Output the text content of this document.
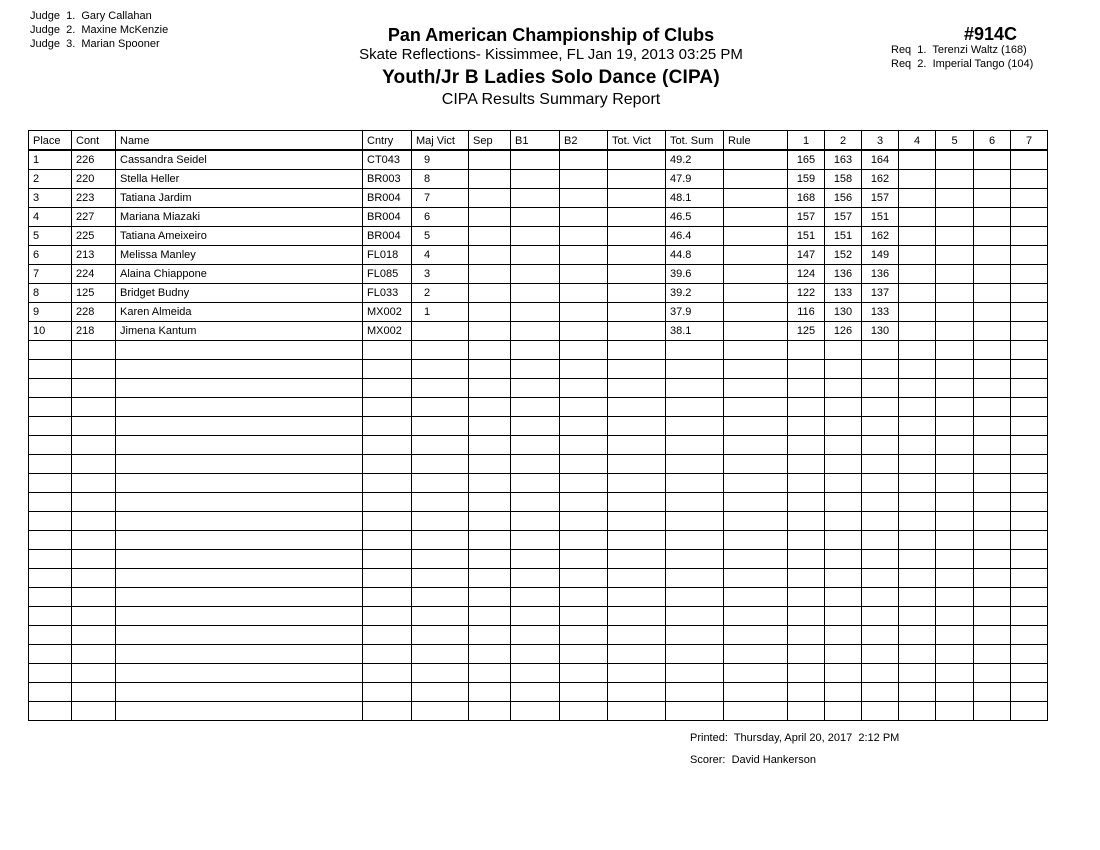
Judge  1.  Gary Callahan
Judge  2.  Maxine McKenzie
Judge  3.  Marian Spooner	Pan American Championship of Clubs
Skate Reflections- Kissimmee, FL Jan 19, 2013 03:25 PM
Youth/Jr B Ladies Solo Dance (CIPA)
CIPA Results Summary Report
#914C
Req  1.  Terenzi Waltz (168)
Req  2.  Imperial Tango (104)
Place	Cont	Name	Cntry	Maj Vict	Sep	B1	B2	Tot. Vict	Tot. Sum	Rule	1	2	3	4	5	6	7
1	226	Cassandra Seidel	CT043	9					49.2		165	163	164				
2	220	Stella Heller	BR003	8					47.9		159	158	162				
3	223	Tatiana Jardim	BR004	7					48.1		168	156	157				
4	227	Mariana Miazaki	BR004	6					46.5		157	157	151				
5	225	Tatiana Ameixeiro	BR004	5					46.4		151	151	162				
6	213	Melissa Manley	FL018	4					44.8		147	152	149				
7	224	Alaina Chiappone	FL085	3					39.6		124	136	136				
8	125	Bridget Budny	FL033	2					39.2		122	133	137				
9	228	Karen Almeida	MX002	1					37.9		116	130	133				
10	218	Jimena Kantum	MX002						38.1		125	126	130				

Printed:  Thursday, April 20, 2017  2:12 PM
Scorer:  David Hankerson
